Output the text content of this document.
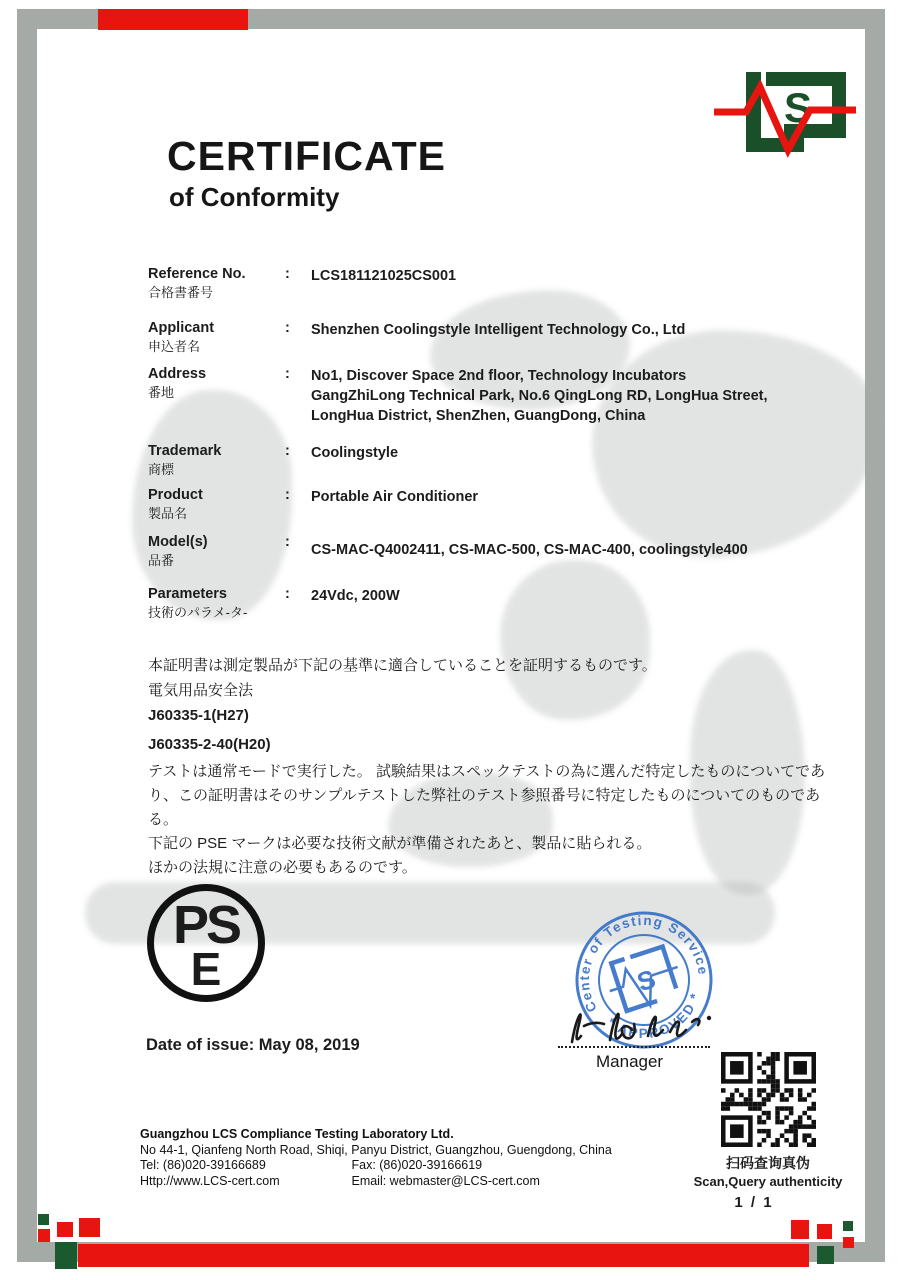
S
CERTIFICATE
of Conformity
Reference No.
合格書番号
:	LCS181121025CS001
Applicant
申込者名
:	Shenzhen Coolingstyle Intelligent Technology Co., Ltd
Address
番地
:	No1, Discover Space 2nd floor, Technology Incubators
GangZhiLong Technical Park, No.6 QingLong RD, LongHua Street,
LongHua District, ShenZhen, GuangDong, China
Trademark
商標
:	Coolingstyle
Product
製品名
:	Portable Air Conditioner
Model(s)
品番
:	CS-MAC-Q4002411, CS-MAC-500, CS-MAC-400, coolingstyle400
Parameters
技術のパラメ-タ-
:	24Vdc, 200W
本証明書は測定製品が下記の基準に適合していることを証明するものです。
電気用品安全法
J60335-1(H27)
J60335-2-40(H20)
テストは通常モードで実行した。 試験結果はスペックテストの為に選んだ特定したものについてであり、この証明書はそのサンプルテストした弊社のテスト参照番号に特定したものについてのものである。
下記の PSE マークは必要な技術文献が準備されたあと、製品に貼られる。
ほかの法規に注意の必要もあるのです。
PS
E
Center of Testing Service
* APPROVED *
S
Manager
Date of issue: May 08, 2019
Guangzhou LCS Compliance Testing Laboratory Ltd.
No 44-1, Qianfeng North Road, Shiqi, Panyu District, Guangzhou, Guengdong, China
Tel: (86)020-39166689	Fax: (86)020-39166619
Http://www.LCS-cert.com	Email: webmaster@LCS-cert.com
扫码查询真伪
Scan,Query authenticity
1 / 1
